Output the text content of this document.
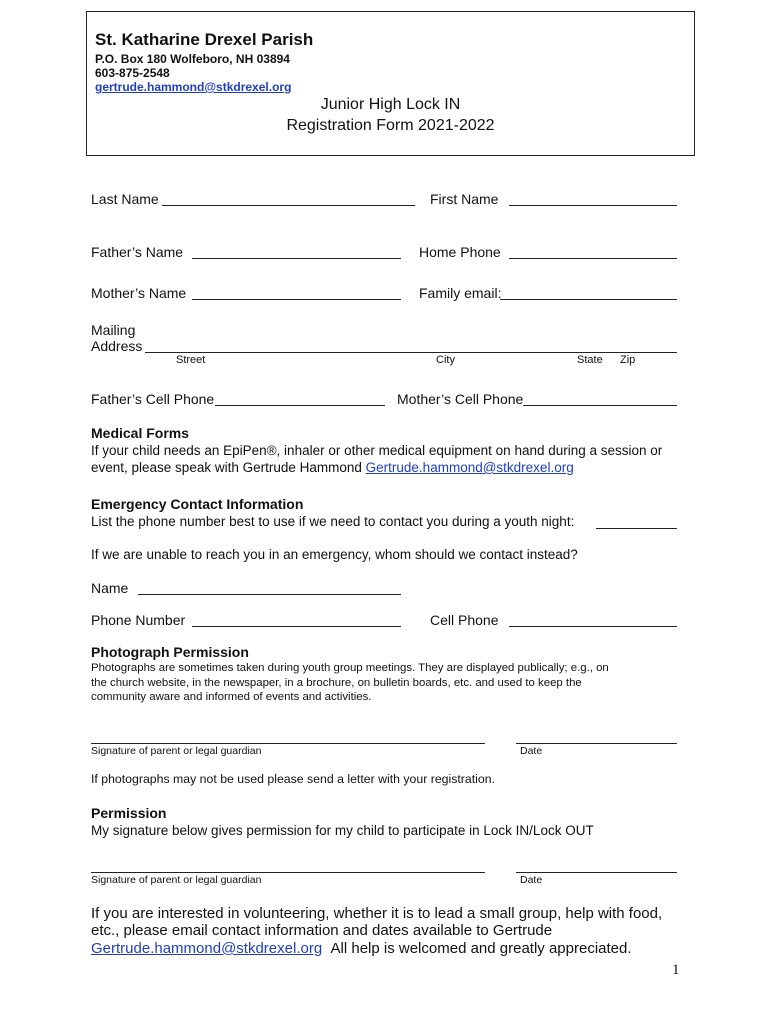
St. Katharine Drexel Parish
P.O. Box 180 Wolfeboro, NH 03894
603-875-2548
gertrude.hammond@stkdrexel.org
Junior High Lock IN
Registration Form 2021-2022
Last Name	First Name
Father’s Name	Home Phone
Mother’s Name	Family email:
Mailing
Address
Street	City	State Zip
Father’s Cell Phone	Mother’s Cell Phone
Medical Forms
If your child needs an EpiPen®, inhaler or other medical equipment on hand during a session or
event, please speak with Gertrude Hammond Gertrude.hammond@stkdrexel.org
Emergency Contact Information
List the phone number best to use if we need to contact you during a youth night:
If we are unable to reach you in an emergency, whom should we contact instead?
Name
Phone Number	Cell Phone
Photograph Permission
Photographs are sometimes taken during youth group meetings. They are displayed publically; e.g., on
the church website, in the newspaper, in a brochure, on bulletin boards, etc. and used to keep the
community aware and informed of events and activities.
Signature of parent or legal guardian	Date
If photographs may not be used please send a letter with your registration.
Permission
My signature below gives permission for my child to participate in Lock IN/Lock OUT
Signature of parent or legal guardian	Date
If you are interested in volunteering, whether it is to lead a small group, help with food,
etc., please email contact information and dates available to Gertrude
Gertrude.hammond@stkdrexel.org All help is welcomed and greatly appreciated.
1
